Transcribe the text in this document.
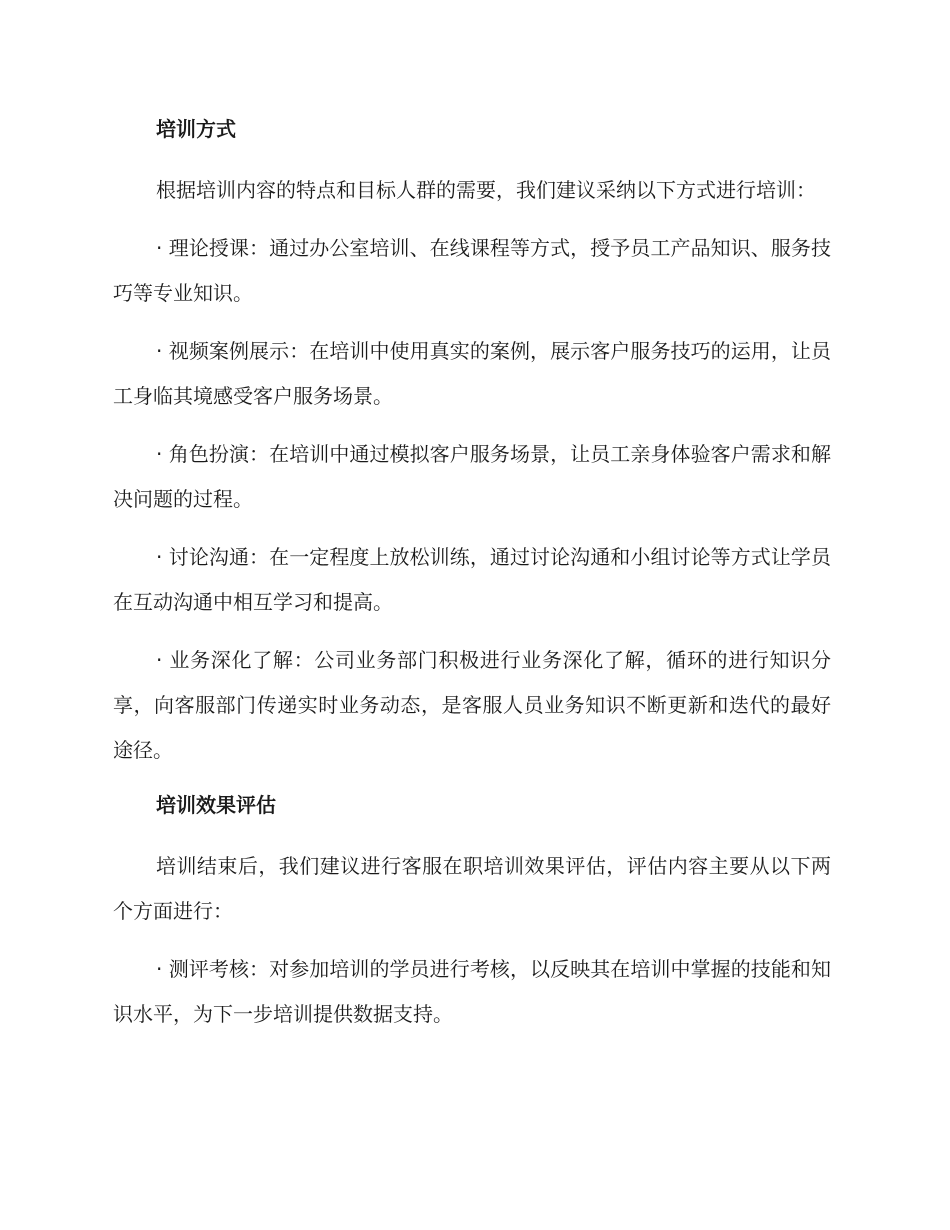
培训方式

根据培训内容的特点和目标人群的需要，我们建议采纳以下方式进行培训：

· 理论授课：通过办公室培训、在线课程等方式，授予员工产品知识、服务技巧等专业知识。

· 视频案例展示：在培训中使用真实的案例，展示客户服务技巧的运用，让员工身临其境感受客户服务场景。

· 角色扮演：在培训中通过模拟客户服务场景，让员工亲身体验客户需求和解决问题的过程。

· 讨论沟通：在一定程度上放松训练，通过讨论沟通和小组讨论等方式让学员在互动沟通中相互学习和提高。

· 业务深化了解：公司业务部门积极进行业务深化了解，循环的进行知识分享，向客服部门传递实时业务动态，是客服人员业务知识不断更新和迭代的最好途径。

培训效果评估

培训结束后，我们建议进行客服在职培训效果评估，评估内容主要从以下两个方面进行：

· 测评考核：对参加培训的学员进行考核，以反映其在培训中掌握的技能和知识水平，为下一步培训提供数据支持。
